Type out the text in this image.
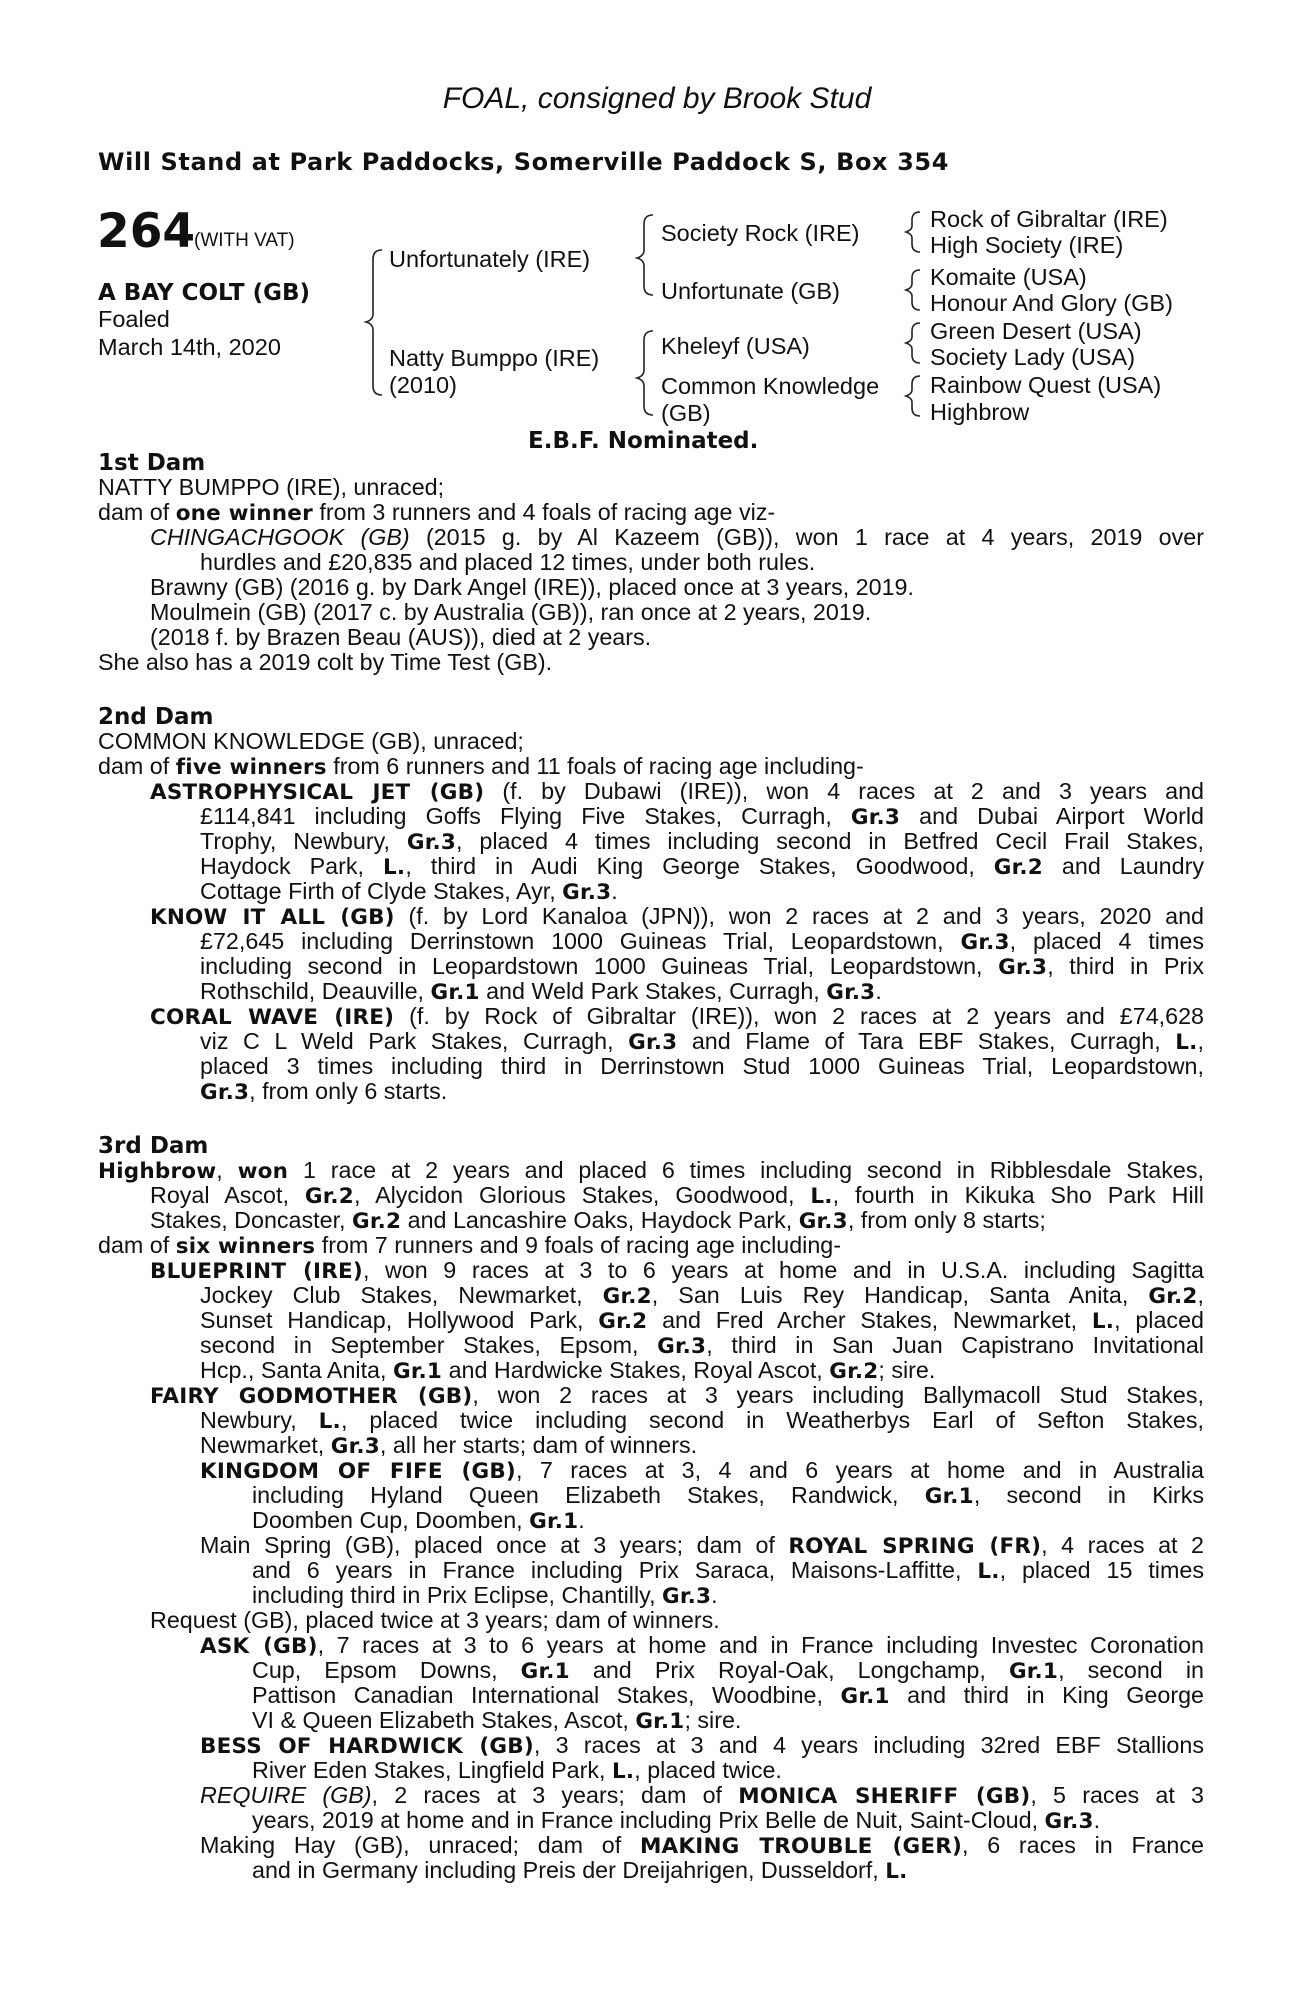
FOAL, consigned by Brook Stud
Will Stand at Park Paddocks, Somerville Paddock S, Box 354
264
(WITH VAT)
A BAY COLT (GB)
Foaled
March 14th, 2020
Unfortunately (IRE)
Natty Bumppo (IRE)
(2010)
Society Rock (IRE)
Unfortunate (GB)
Kheleyf (USA)
Common Knowledge
(GB)
Rock of Gibraltar (IRE)
High Society (IRE)
Komaite (USA)
Honour And Glory (GB)
Green Desert (USA)
Society Lady (USA)
Rainbow Quest (USA)
Highbrow
E.B.F. Nominated.
1st Dam
NATTY BUMPPO (IRE), unraced;
dam of one winner from 3 runners and 4 foals of racing age viz-
CHINGACHGOOK (GB) (2015 g. by Al Kazeem (GB)), won 1 race at 4 years, 2019 over
hurdles and £20,835 and placed 12 times, under both rules.
Brawny (GB) (2016 g. by Dark Angel (IRE)), placed once at 3 years, 2019.
Moulmein (GB) (2017 c. by Australia (GB)), ran once at 2 years, 2019.
(2018 f. by Brazen Beau (AUS)), died at 2 years.
She also has a 2019 colt by Time Test (GB).
2nd Dam
COMMON KNOWLEDGE (GB), unraced;
dam of five winners from 6 runners and 11 foals of racing age including-
ASTROPHYSICAL JET (GB) (f. by Dubawi (IRE)), won 4 races at 2 and 3 years and
£114,841 including Goffs Flying Five Stakes, Curragh, Gr.3 and Dubai Airport World
Trophy, Newbury, Gr.3, placed 4 times including second in Betfred Cecil Frail Stakes,
Haydock Park, L., third in Audi King George Stakes, Goodwood, Gr.2 and Laundry
Cottage Firth of Clyde Stakes, Ayr, Gr.3.
KNOW IT ALL (GB) (f. by Lord Kanaloa (JPN)), won 2 races at 2 and 3 years, 2020 and
£72,645 including Derrinstown 1000 Guineas Trial, Leopardstown, Gr.3, placed 4 times
including second in Leopardstown 1000 Guineas Trial, Leopardstown, Gr.3, third in Prix
Rothschild, Deauville, Gr.1 and Weld Park Stakes, Curragh, Gr.3.
CORAL WAVE (IRE) (f. by Rock of Gibraltar (IRE)), won 2 races at 2 years and £74,628
viz C L Weld Park Stakes, Curragh, Gr.3 and Flame of Tara EBF Stakes, Curragh, L.,
placed 3 times including third in Derrinstown Stud 1000 Guineas Trial, Leopardstown,
Gr.3, from only 6 starts.
3rd Dam
Highbrow, won 1 race at 2 years and placed 6 times including second in Ribblesdale Stakes,
Royal Ascot, Gr.2, Alycidon Glorious Stakes, Goodwood, L., fourth in Kikuka Sho Park Hill
Stakes, Doncaster, Gr.2 and Lancashire Oaks, Haydock Park, Gr.3, from only 8 starts;
dam of six winners from 7 runners and 9 foals of racing age including-
BLUEPRINT (IRE), won 9 races at 3 to 6 years at home and in U.S.A. including Sagitta
Jockey Club Stakes, Newmarket, Gr.2, San Luis Rey Handicap, Santa Anita, Gr.2,
Sunset Handicap, Hollywood Park, Gr.2 and Fred Archer Stakes, Newmarket, L., placed
second in September Stakes, Epsom, Gr.3, third in San Juan Capistrano Invitational
Hcp., Santa Anita, Gr.1 and Hardwicke Stakes, Royal Ascot, Gr.2; sire.
FAIRY GODMOTHER (GB), won 2 races at 3 years including Ballymacoll Stud Stakes,
Newbury, L., placed twice including second in Weatherbys Earl of Sefton Stakes,
Newmarket, Gr.3, all her starts; dam of winners.
KINGDOM OF FIFE (GB), 7 races at 3, 4 and 6 years at home and in Australia
including Hyland Queen Elizabeth Stakes, Randwick, Gr.1, second in Kirks
Doomben Cup, Doomben, Gr.1.
Main Spring (GB), placed once at 3 years; dam of ROYAL SPRING (FR), 4 races at 2
and 6 years in France including Prix Saraca, Maisons-Laffitte, L., placed 15 times
including third in Prix Eclipse, Chantilly, Gr.3.
Request (GB), placed twice at 3 years; dam of winners.
ASK (GB), 7 races at 3 to 6 years at home and in France including Investec Coronation
Cup, Epsom Downs, Gr.1 and Prix Royal-Oak, Longchamp, Gr.1, second in
Pattison Canadian International Stakes, Woodbine, Gr.1 and third in King George
VI & Queen Elizabeth Stakes, Ascot, Gr.1; sire.
BESS OF HARDWICK (GB), 3 races at 3 and 4 years including 32red EBF Stallions
River Eden Stakes, Lingfield Park, L., placed twice.
REQUIRE (GB), 2 races at 3 years; dam of MONICA SHERIFF (GB), 5 races at 3
years, 2019 at home and in France including Prix Belle de Nuit, Saint-Cloud, Gr.3.
Making Hay (GB), unraced; dam of MAKING TROUBLE (GER), 6 races in France
and in Germany including Preis der Dreijahrigen, Dusseldorf, L.
